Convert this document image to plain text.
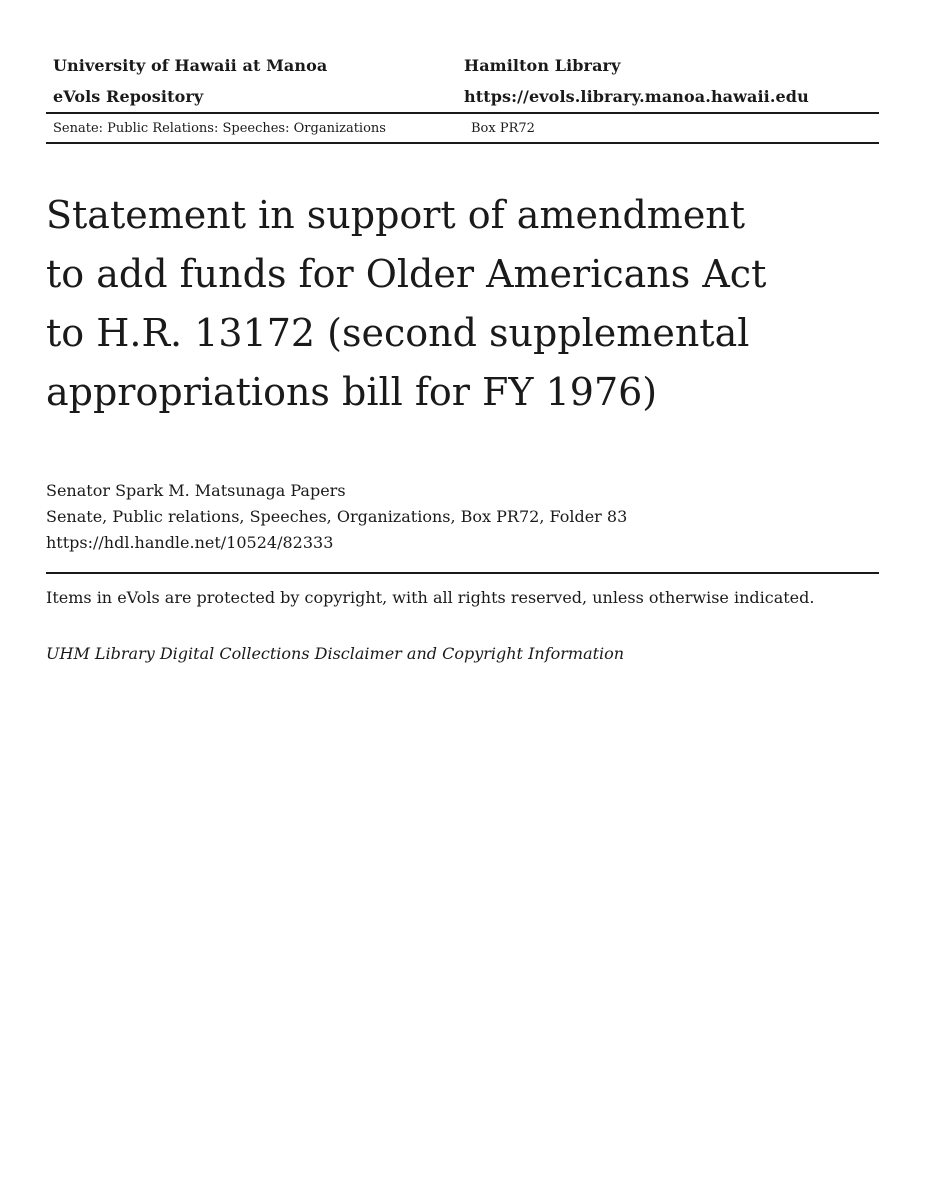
University of Hawaii at Manoa	Hamilton Library
eVols Repository	https://evols.library.manoa.hawaii.edu
Senate: Public Relations: Speeches: Organizations	Box PR72
Statement in support of amendment
to add funds for Older Americans Act
to H.R. 13172 (second supplemental
appropriations bill for FY 1976)
Senator Spark M. Matsunaga Papers
Senate, Public relations, Speeches, Organizations, Box PR72, Folder 83
https://hdl.handle.net/10524/82333
Items in eVols are protected by copyright, with all rights reserved, unless otherwise indicated.
UHM Library Digital Collections Disclaimer and Copyright Information
